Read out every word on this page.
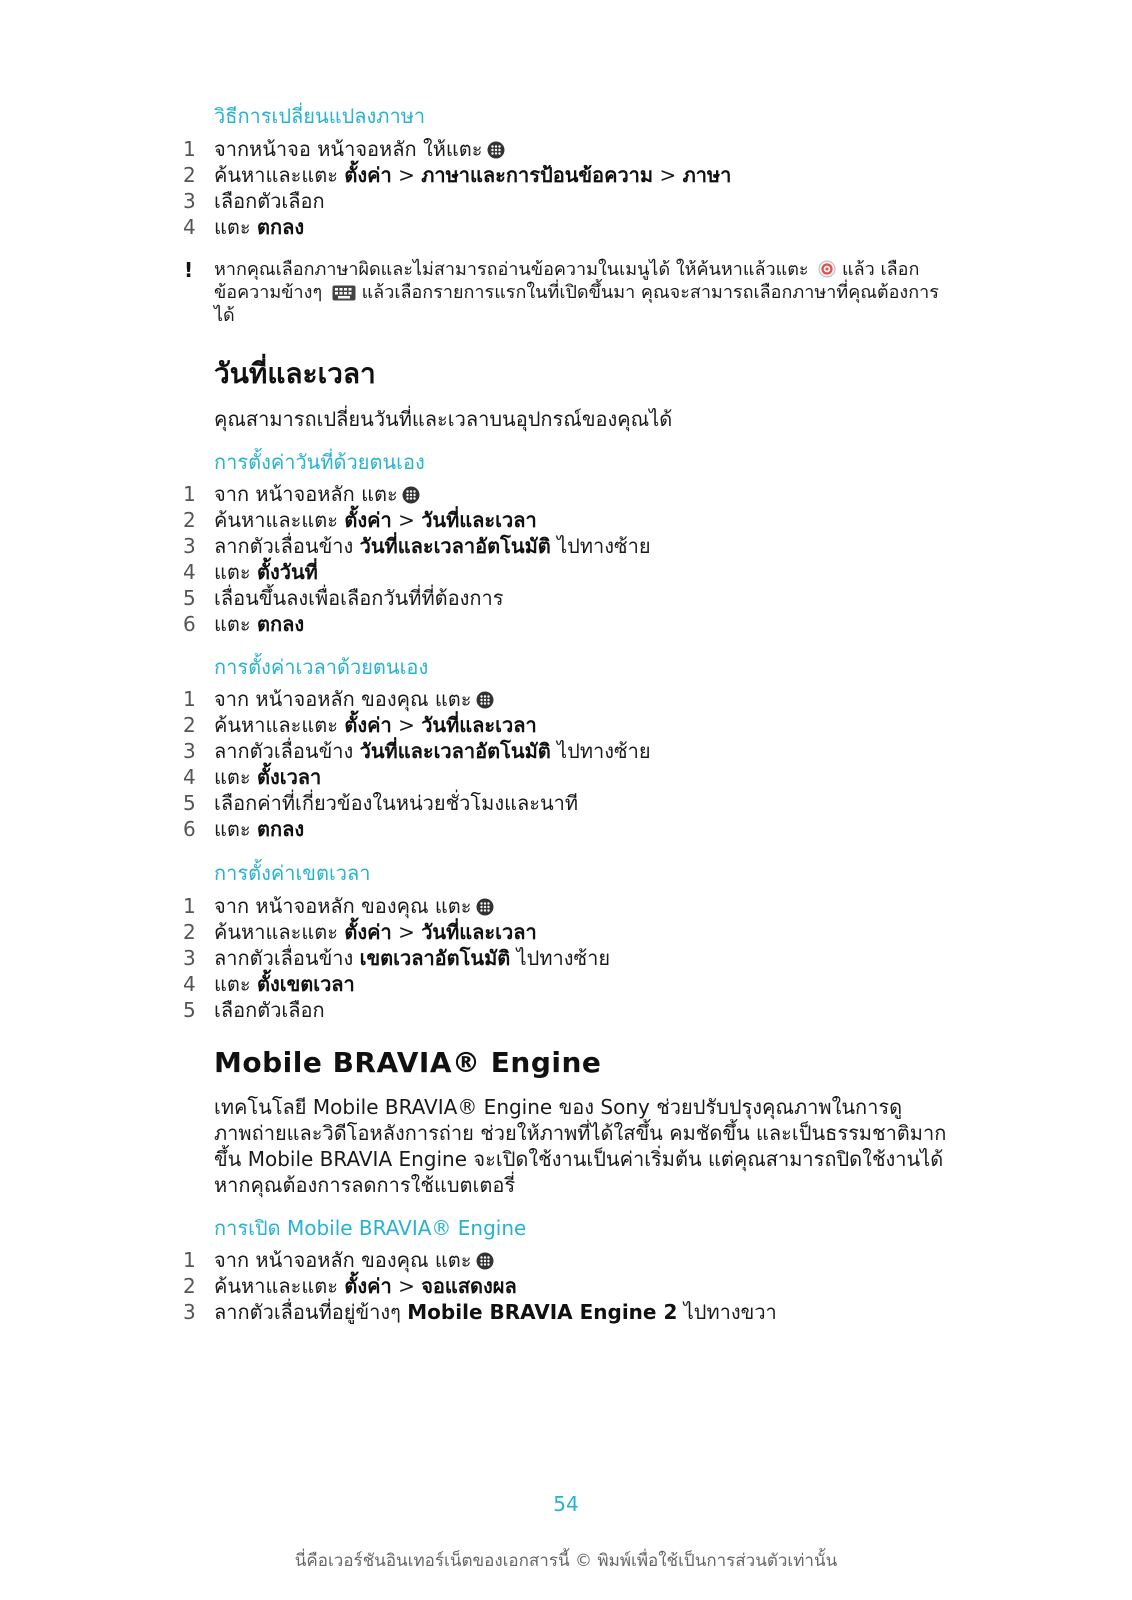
วิธีการเปลี่ยนแปลงภาษา
1 จากหน้าจอ หน้าจอหลัก ให้แตะ
2 ค้นหาและแตะ ตั้งค่า > ภาษาและการป้อนข้อความ > ภาษา
3 เลือกตัวเลือก
4 แตะ ตกลง
! หากคุณเลือกภาษาผิดและไม่สามารถอ่านข้อความในเมนูได้ ให้ค้นหาแล้วแตะ แล้ว เลือกข้อความข้างๆ แล้วเลือกรายการแรกในที่เปิดขึ้นมา คุณจะสามารถเลือกภาษาที่คุณต้องการได้
วันที่และเวลา
คุณสามารถเปลี่ยนวันที่และเวลาบนอุปกรณ์ของคุณได้
การตั้งค่าวันที่ด้วยตนเอง
1 จาก หน้าจอหลัก แตะ
2 ค้นหาและแตะ ตั้งค่า > วันที่และเวลา
3 ลากตัวเลื่อนข้าง วันที่และเวลาอัตโนมัติ ไปทางซ้าย
4 แตะ ตั้งวันที่
5 เลื่อนขึ้นลงเพื่อเลือกวันที่ที่ต้องการ
6 แตะ ตกลง
การตั้งค่าเวลาด้วยตนเอง
1 จาก หน้าจอหลัก ของคุณ แตะ
2 ค้นหาและแตะ ตั้งค่า > วันที่และเวลา
3 ลากตัวเลื่อนข้าง วันที่และเวลาอัตโนมัติ ไปทางซ้าย
4 แตะ ตั้งเวลา
5 เลือกค่าที่เกี่ยวข้องในหน่วยชั่วโมงและนาที
6 แตะ ตกลง
การตั้งค่าเขตเวลา
1 จาก หน้าจอหลัก ของคุณ แตะ
2 ค้นหาและแตะ ตั้งค่า > วันที่และเวลา
3 ลากตัวเลื่อนข้าง เขตเวลาอัตโนมัติ ไปทางซ้าย
4 แตะ ตั้งเขตเวลา
5 เลือกตัวเลือก
Mobile BRAVIA® Engine
เทคโนโลยี Mobile BRAVIA® Engine ของ Sony ช่วยปรับปรุงคุณภาพในการดูภาพถ่ายและวิดีโอหลังการถ่าย ช่วยให้ภาพที่ได้ใสขึ้น คมชัดขึ้น และเป็นธรรมชาติมากขึ้น Mobile BRAVIA Engine จะเปิดใช้งานเป็นค่าเริ่มต้น แต่คุณสามารถปิดใช้งานได้หากคุณต้องการลดการใช้แบตเตอรี่
การเปิด Mobile BRAVIA® Engine
1 จาก หน้าจอหลัก ของคุณ แตะ
2 ค้นหาและแตะ ตั้งค่า > จอแสดงผล
3 ลากตัวเลื่อนที่อยู่ข้างๆ Mobile BRAVIA Engine 2 ไปทางขวา
54
นี่คือเวอร์ชันอินเทอร์เน็ตของเอกสารนี้ © พิมพ์เพื่อใช้เป็นการส่วนตัวเท่านั้น
